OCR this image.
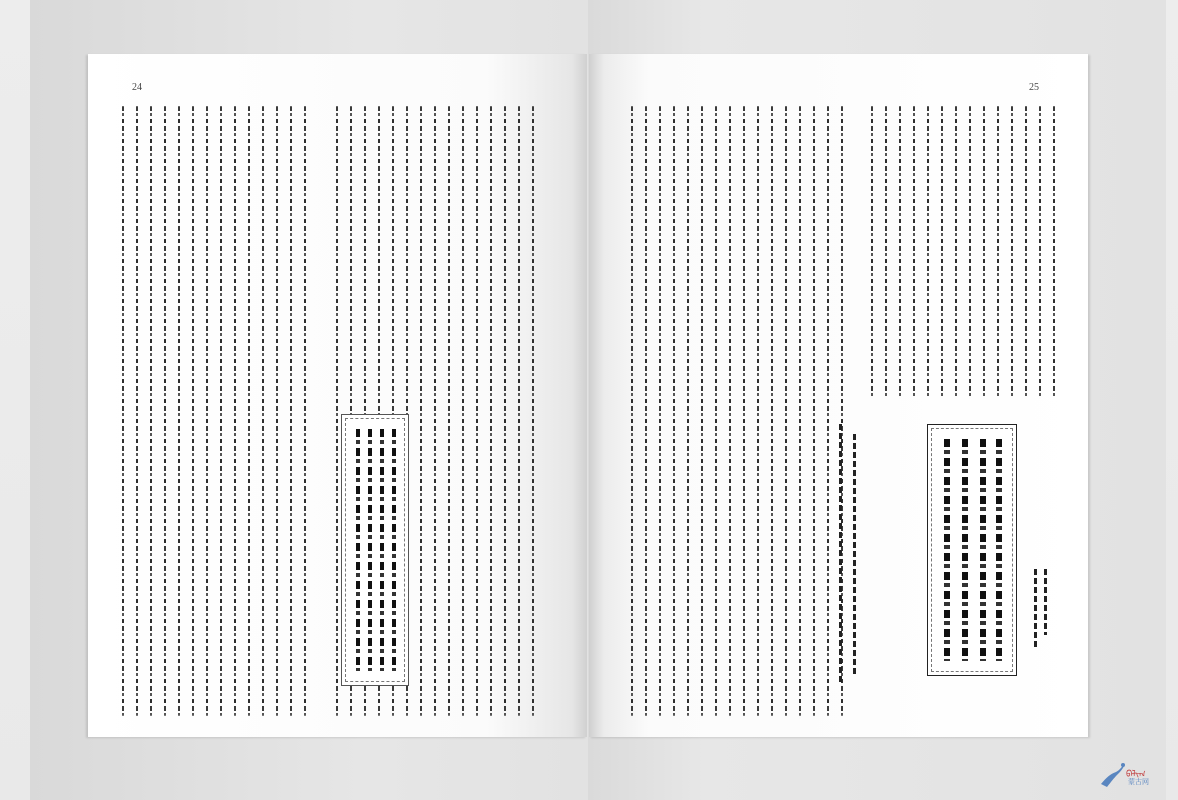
24	25
ᠪᠠᠯᠢᠭ
蒙古网
